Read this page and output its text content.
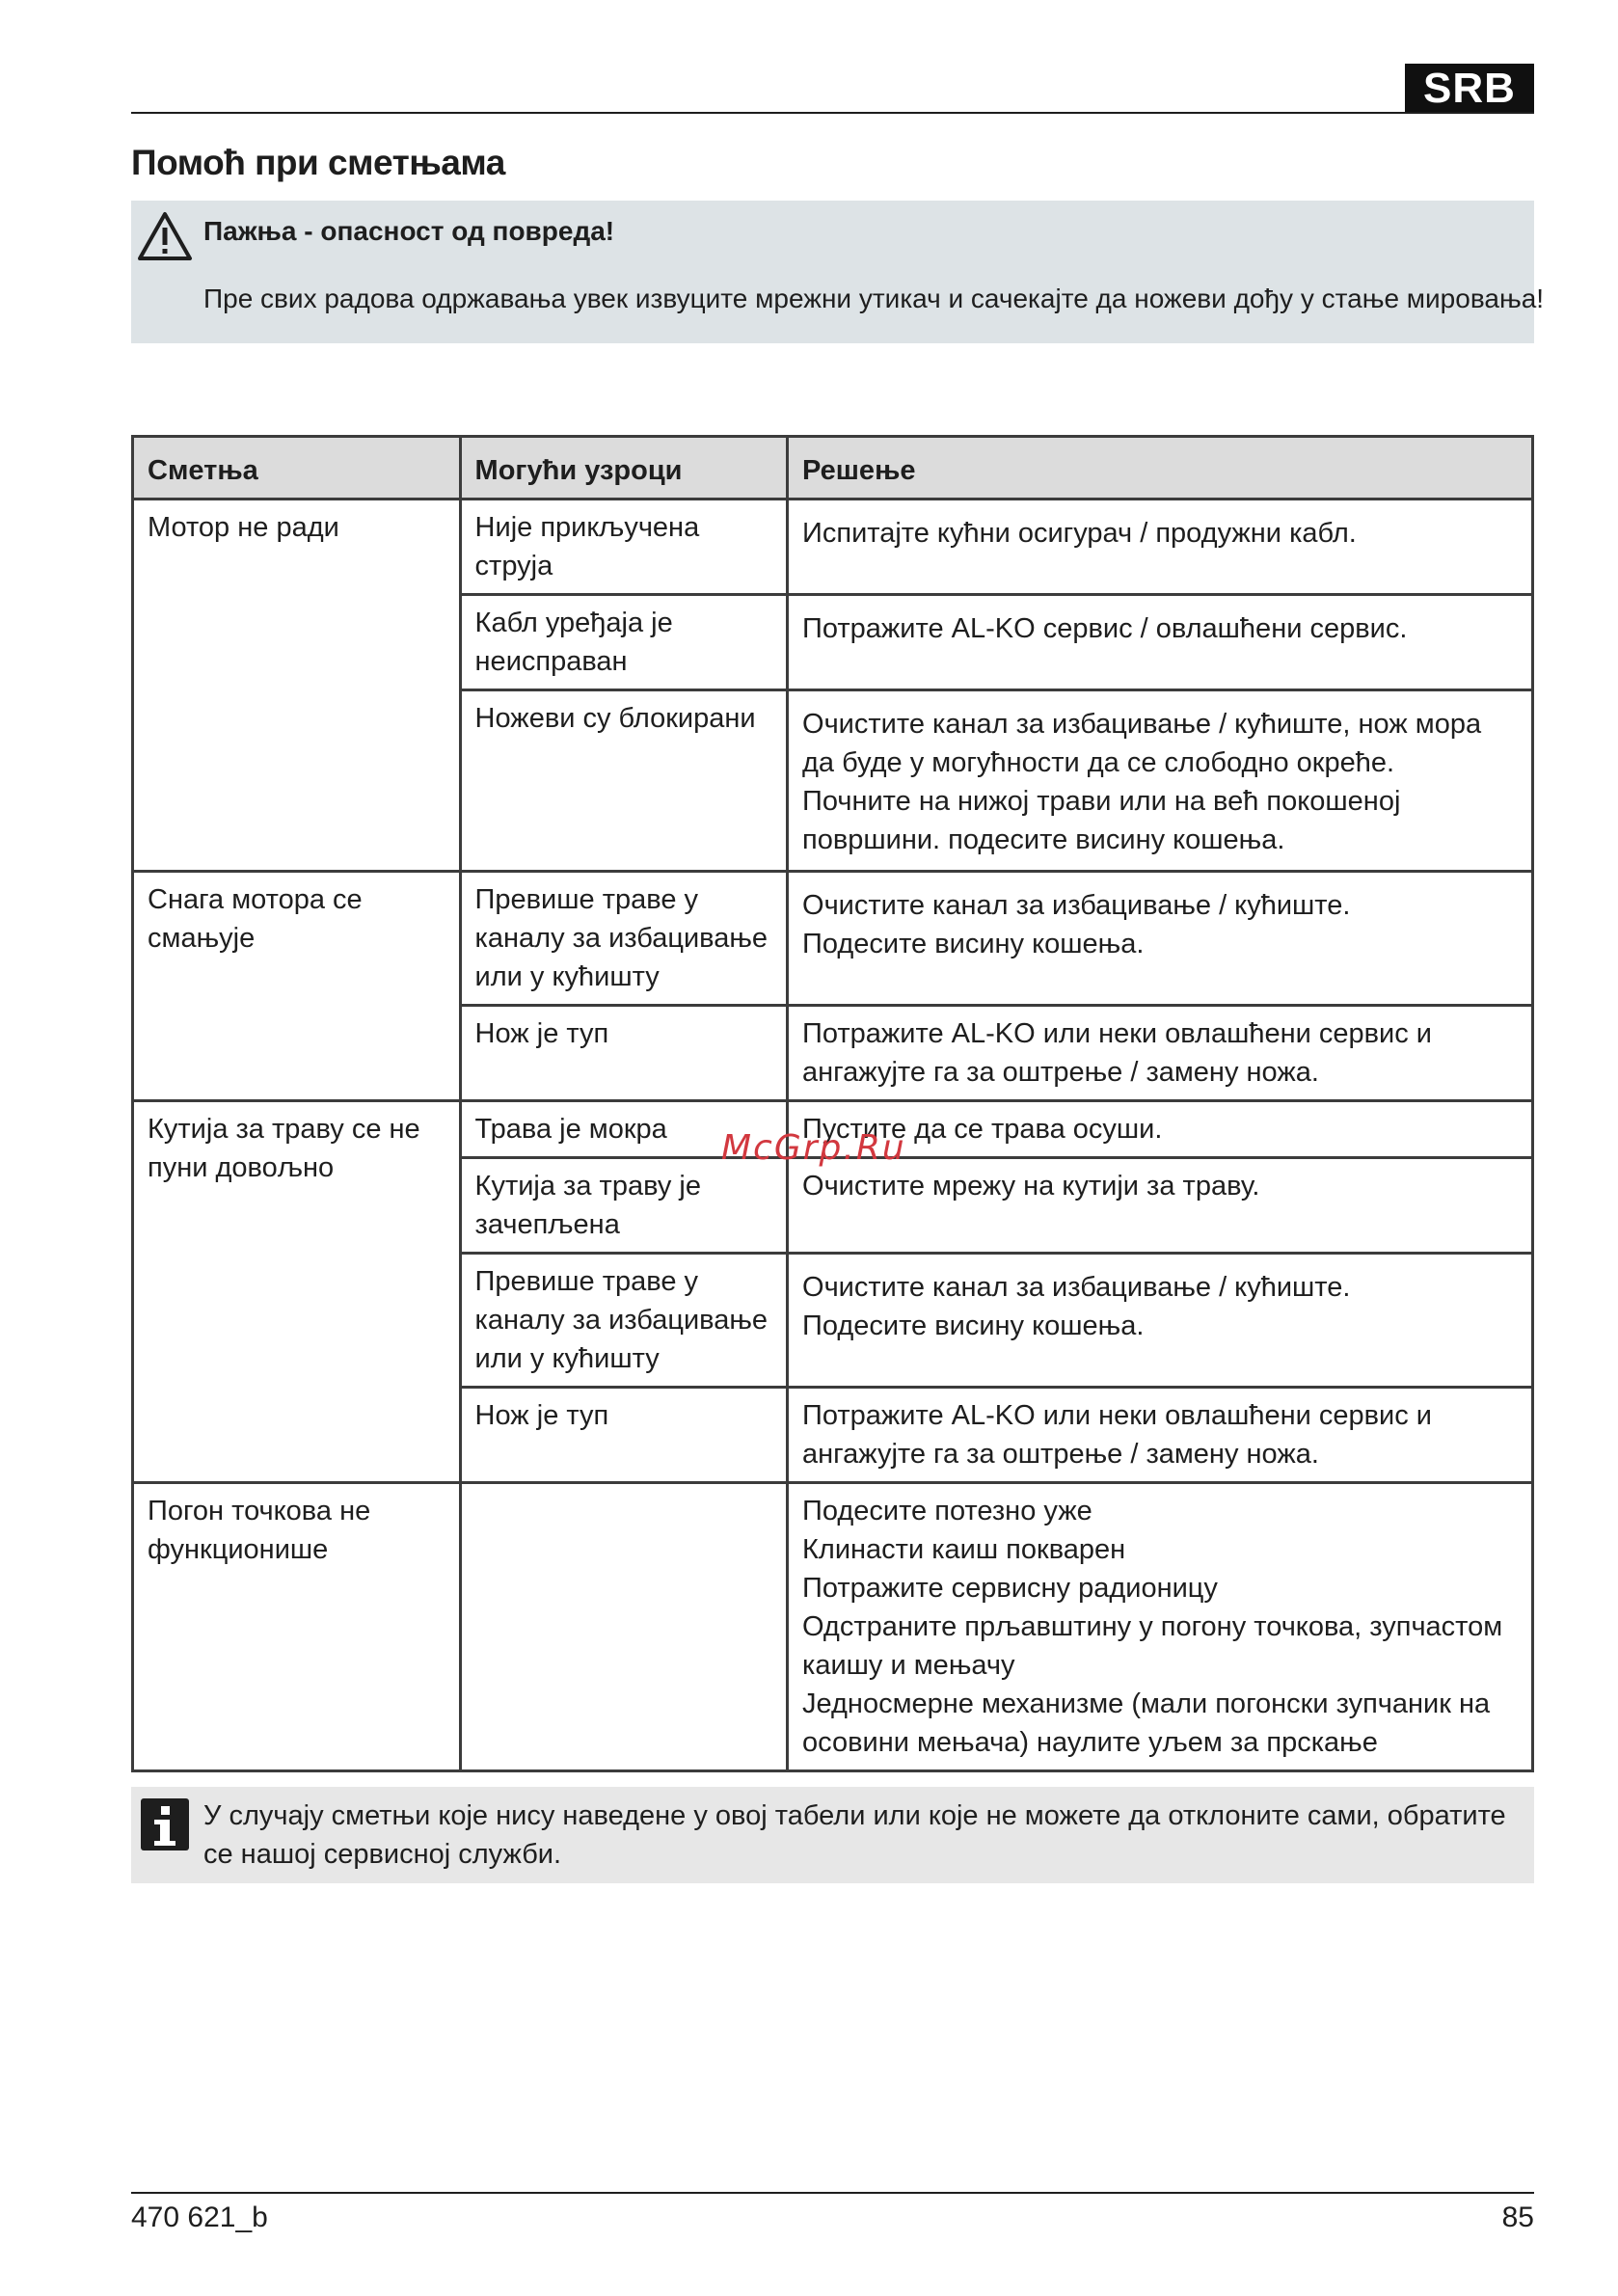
SRB
Помоћ при сметњама
Пажња - опасност од повреда!
Пре свих радова одржавања увек извуците мрежни утикач и сачекајте да ножеви дођу у стање мировања!
Сметња	Могући узроци	Решење
Мотор не ради	Није прикључена струја	Испитајте кућни осигурач / продужни кабл.

	Кабл уређаја је неисправан	Потражите AL-KO сервис / овлашћени сервис.

	Ножеви су блокирани	Очистите канал за избацивање / кућиште, нож мора да буде у могућности да се слободно окреће.
Почните на нижој трави или на већ покошеној површини. подесите висину кошења.

Снага мотора се смањује	Превише траве у каналу за избацивање или у кућишту	Очистите канал за избацивање / кућиште.
Подесите висину кошења.

	Нож је туп	Потражите AL-KO или неки овлашћени сервис и ангажујте га за оштрење / замену ножа.

Кутија за траву се не пуни довољно	Трава је мокра	Пустите да се трава осуши.

	Кутија за траву је зачепљена	Очистите мрежу на кутији за траву.

	Превише траве у каналу за избацивање или у кућишту	Очистите канал за избацивање / кућиште.
Подесите висину кошења.

	Нож је туп	Потражите AL-KO или неки овлашћени сервис и ангажујте га за оштрење / замену ножа.

Погон точкова не функционише		Подесите потезно уже
Клинасти каиш покварен
Потражите сервисну радионицу
Одстраните прљавштину у погону точкова, зупчастом каишу и мењачу
Једносмерне механизме (мали погонски зупчаник на осовини мењача) наулите уљем за прскање
McGrp.Ru
У случају сметњи које нису наведене у овој табели или које не можете да отклоните сами, обратите се нашој сервисној служби.
470 621_b	85
